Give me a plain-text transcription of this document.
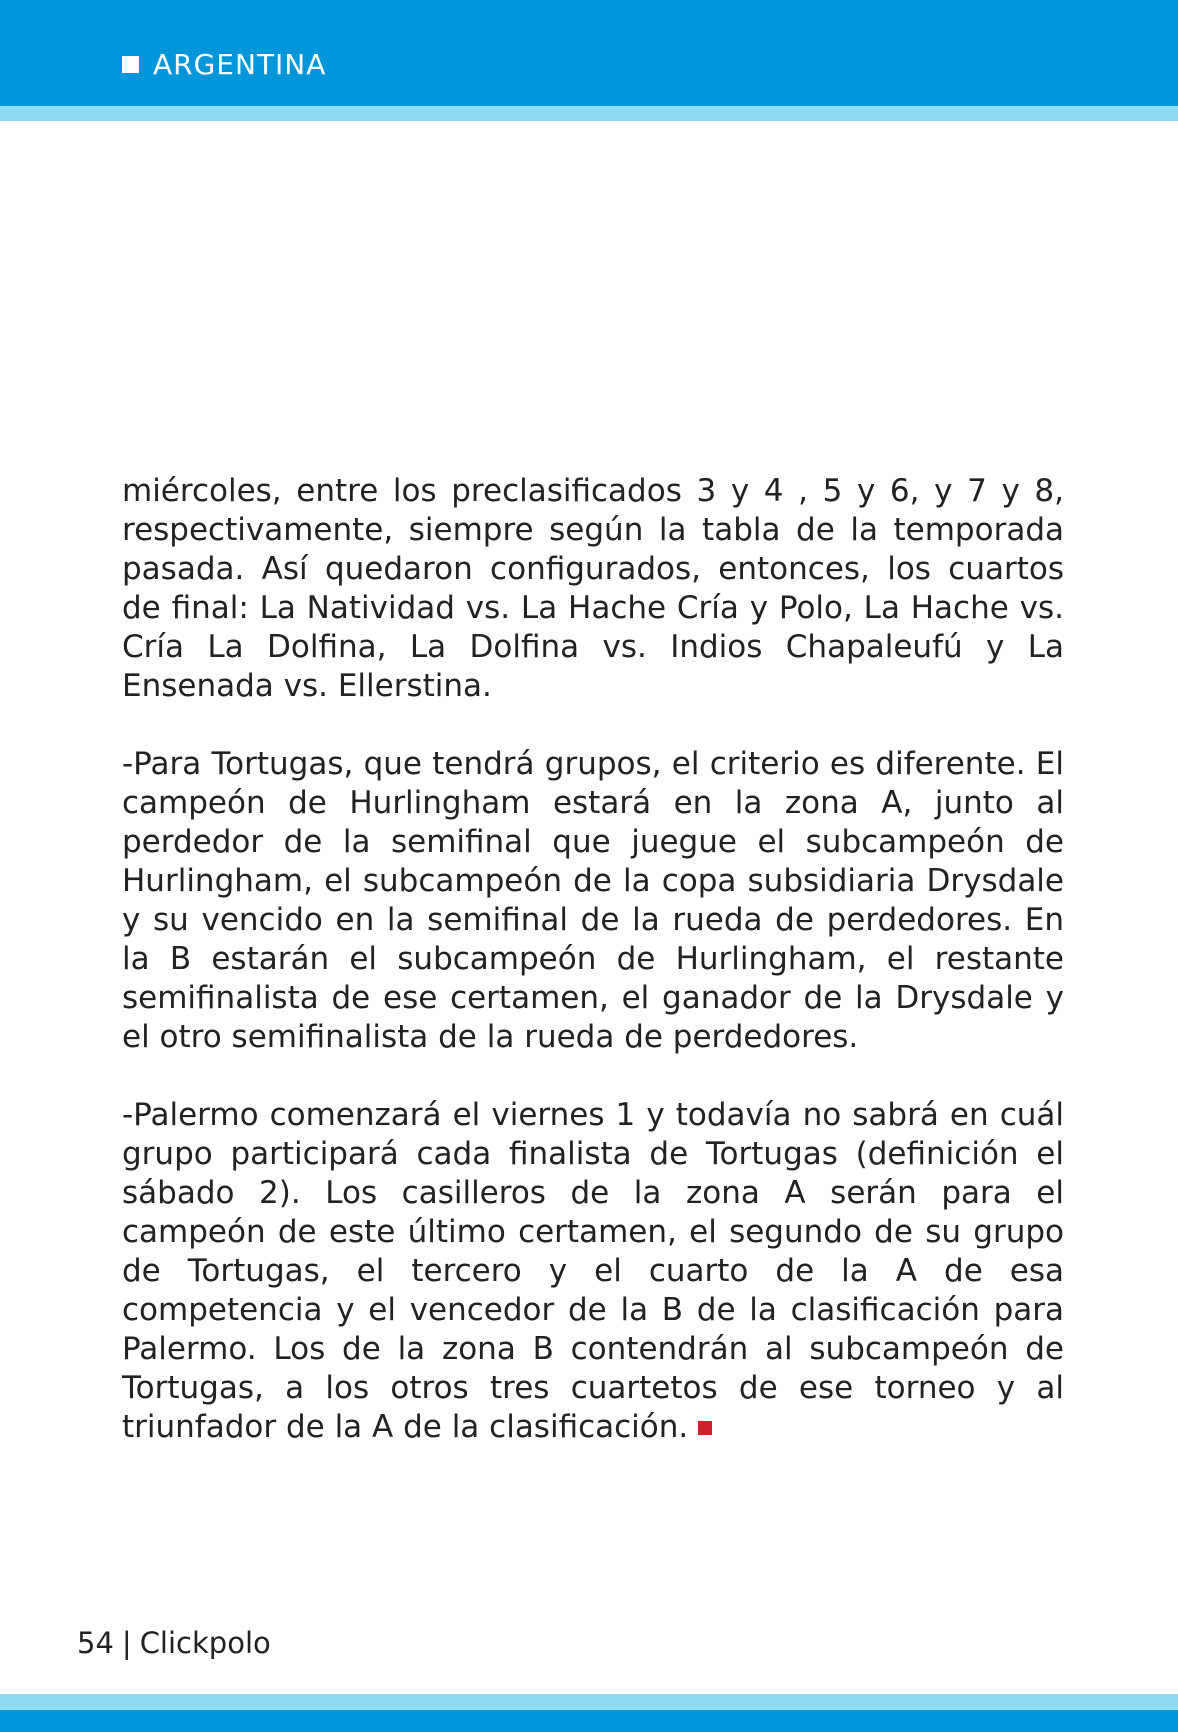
ARGENTINA

miércoles, entre los preclasificados 3 y 4 , 5 y 6, y 7 y 8, respectivamente, siempre según la tabla de la temporada pasada. Así quedaron configurados, entonces, los cuartos de final: La Natividad vs. La Hache Cría y Polo, La Hache vs. Cría La Dolfina, La Dolfina vs. Indios Chapaleufú y La Ensenada vs. Ellerstina.

-Para Tortugas, que tendrá grupos, el criterio es diferente. El campeón de Hurlingham estará en la zona A, junto al perdedor de la semifinal que juegue el subcampeón de Hurlingham, el subcampeón de la copa subsidiaria Drysdale y su vencido en la semifinal de la rueda de perdedores. En la B estarán el subcampeón de Hurlingham, el restante semifinalista de ese certamen, el ganador de la Drysdale y el otro semifinalista de la rueda de perdedores.

-Palermo comenzará el viernes 1 y todavía no sabrá en cuál grupo participará cada finalista de Tortugas (definición el sábado 2). Los casilleros de la zona A serán para el campeón de este último certamen, el segundo de su grupo de Tortugas, el tercero y el cuarto de la A de esa competencia y el vencedor de la B de la clasificación para Palermo. Los de la zona B contendrán al subcampeón de Tortugas, a los otros tres cuartetos de ese torneo y al triunfador de la A de la clasificación.

54 | Clickpolo
